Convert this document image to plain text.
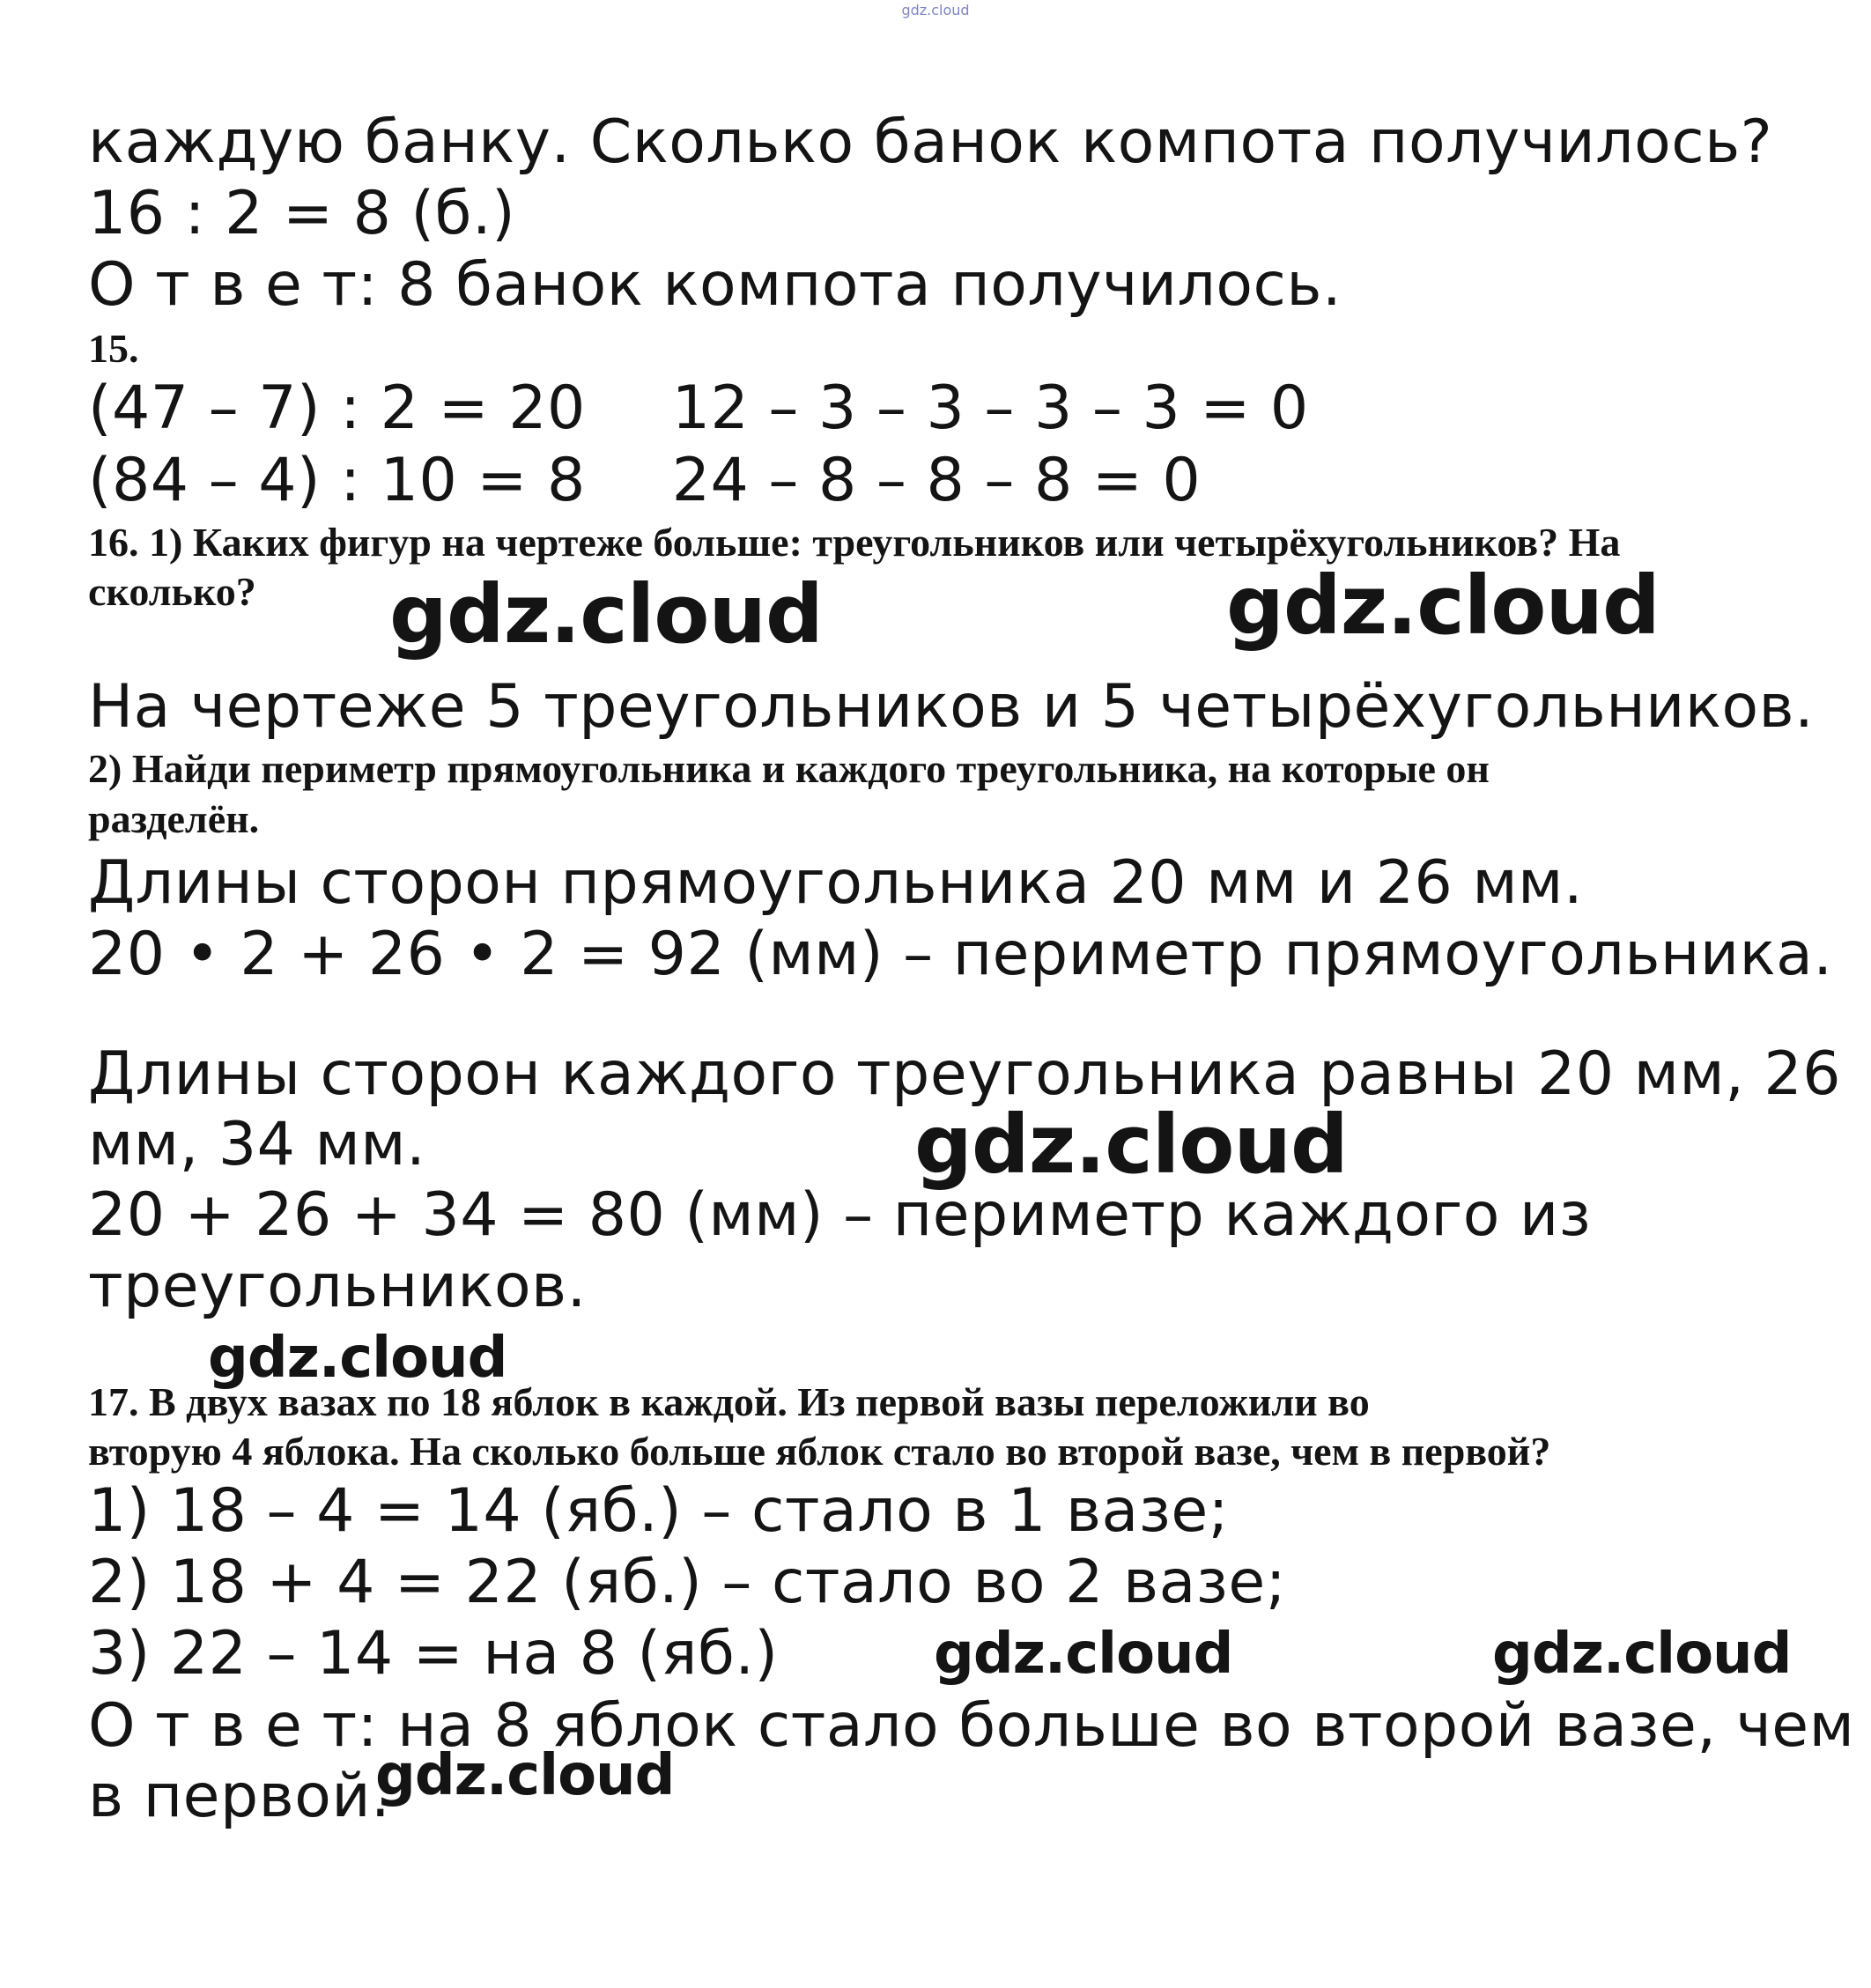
gdz.cloud
каждую банку. Сколько банок компота получилось?
16 : 2 = 8 (б.)
О т в е т: 8 банок компота получилось.
15.
(47 – 7) : 2 = 20 12 – 3 – 3 – 3 – 3 = 0
(84 – 4) : 10 = 8 24 – 8 – 8 – 8 = 0
16. 1) Каких фигур на чертеже больше: треугольников или четырёхугольников? На
сколько? gdz.cloud	gdz.cloud
На чертеже 5 треугольников и 5 четырёхугольников.
2) Найди периметр прямоугольника и каждого треугольника, на которые он
разделён.
Длины сторон прямоугольника 20 мм и 26 мм.
20 • 2 + 26 • 2 = 92 (мм) – периметр прямоугольника.
Длины сторон каждого треугольника равны 20 мм, 26
мм, 34 мм.	gdz.cloud
20 + 26 + 34 = 80 (мм) – периметр каждого из
треугольников.
gdz.cloud
17. В двух вазах по 18 яблок в каждой. Из первой вазы переложили во
вторую 4 яблока. На сколько больше яблок стало во второй вазе, чем в первой?
1) 18 – 4 = 14 (яб.) – стало в 1 вазе;
2) 18 + 4 = 22 (яб.) – стало во 2 вазе;
3) 22 – 14 = на 8 (яб.)	gdz.cloud	gdz.cloud
О т в е т: на 8 яблок стало больше во второй вазе, чем
в первой.
gdz.cloud
